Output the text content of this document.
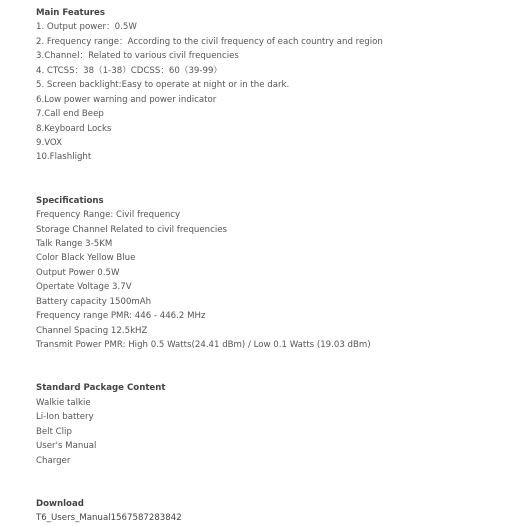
Main Features
1. Output power：0.5W
2. Frequency range：According to the civil frequency of each country and region
3.Channel：Related to various civil frequencies
4. CTCSS：38（1-38）CDCSS：60（39-99）
5. Screen backlight:Easy to operate at night or in the dark.
6.Low power warning and power indicator
7.Call end Beep
8.Keyboard Locks
9.VOX
10.Flashlight
Specifications
Frequency Range: Civil frequency
Storage Channel Related to civil frequencies
Talk Range 3-5KM
Color Black Yellow Blue
Output Power 0.5W
Opertate Voltage 3.7V
Battery capacity 1500mAh
Frequency range PMR: 446 - 446.2 MHz
Channel Spacing 12.5kHZ
Transmit Power PMR: High 0.5 Watts(24.41 dBm) / Low 0.1 Watts (19.03 dBm)
Standard Package Content
Walkie talkie
Li-Ion battery
Belt Clip
User's Manual
Charger
Download
T6_Users_Manual1567587283842
